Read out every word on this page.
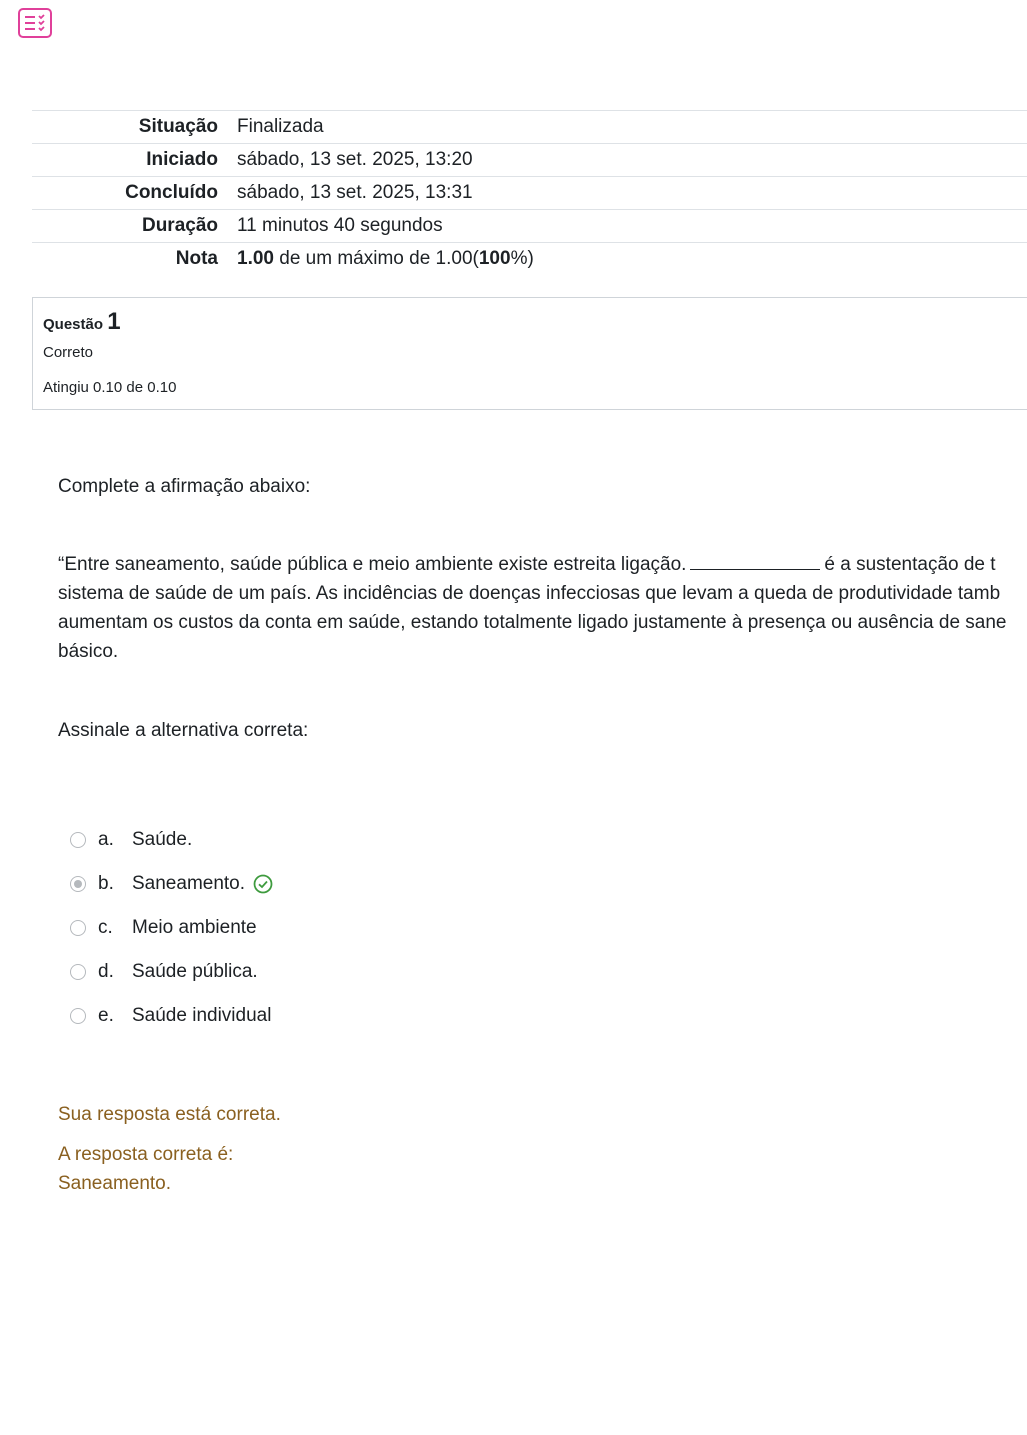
Situação	Finalizada
Iniciado	sábado, 13 set. 2025, 13:20
Concluído	sábado, 13 set. 2025, 13:31
Duração	11 minutos 40 segundos
Nota	1.00 de um máximo de 1.00(100%)
Questão 1
Correto
Atingiu 0.10 de 0.10
Complete a afirmação abaixo:
“Entre saneamento, saúde pública e meio ambiente existe estreita ligação.	é a sustentação de t
sistema de saúde de um país. As incidências de doenças infecciosas que levam a queda de produtividade tamb
aumentam os custos da conta em saúde, estando totalmente ligado justamente à presença ou ausência de sane
básico.
Assinale a alternativa correta:
a. Saúde.
b. Saneamento.
c.	Meio ambiente
d. Saúde pública.
e. Saúde individual
Sua resposta está correta.
A resposta correta é:
Saneamento.
